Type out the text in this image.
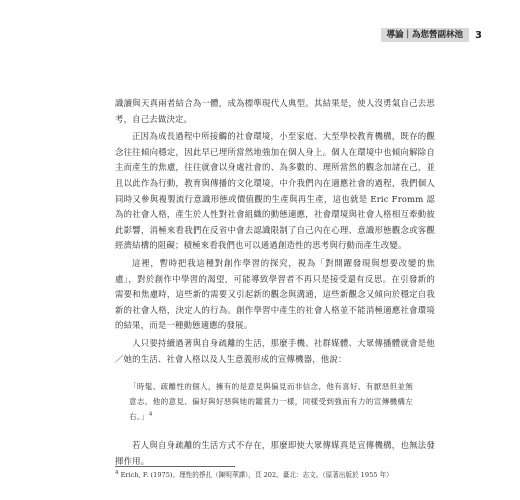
導論｜為您營副林池	3

識讀與天真兩者結合為一體，成為標準現代人典型。其結果是，使人沒勇氣自己去思考，自己去做決定。

正因為成長過程中所接觸的社會環境，小至家庭、大至學校教育機構，既存的觀念往往傾向穩定，因此早已埋所當然地強加在個人身上。個人在環境中也傾向解除自主而產生的焦慮，往往就會以身處社會的、為多數的、理所當然的觀念加諸在己，並且以此作為行動，教育與傳播的文化環境，中介我們內在適應社會的過程，我們個人同時又參與複製流行意識形態或價值觀的生產與再生產，這也就是 Eric Fromm 認為的社會人格，產生於人性對社會組織的動態適應，社會環境與社會人格相互牽動彼此影響，消極來看我們在反省中會去認識限制了自己內在心理、意識形態觀念或客觀經濟結構的阻礙；積極來看我們也可以通過創造性的思考與行動而產生改變。

這裡，暫時把我這種對創作學習的探究，視為「對開躍發現與想要改變的焦慮」，對於創作中學習的渴望，可能導致學習者不再只是接受還有反思。在引發新的需要和焦慮時，這些新的需要又引起新的觀念與溝通，這些新觀念又傾向於穩定自我新的社會人格，決定人的行為。創作學習中產生的社會人格並不能消極適應社會環境的結果，而是一種動態適應的發展。

人只要持續過著與自身疏離的生活，那麼手機、社群媒體、大眾傳播體就會是他／她的生活、社會人格以及人生意義形成的宣傳機器，他說：

「時髦、疏離性的個人，擁有的是意見與偏見而非信念，他有喜好、有厭惡但並無意志。他的意見、偏好與好惡與她的鑑賞力一樣，同樣受到強而有力的宣傳機構左右。」$^4$

若人與自身疏離的生活方式不存在，那麼即使大眾傳媒真是宣傳機構，也無法發揮作用。

$^4$ Erich, F. (1975)。理性的掙扎（陳明華譯），頁 202。臺北：志文。（原著出版於 1955 年）
